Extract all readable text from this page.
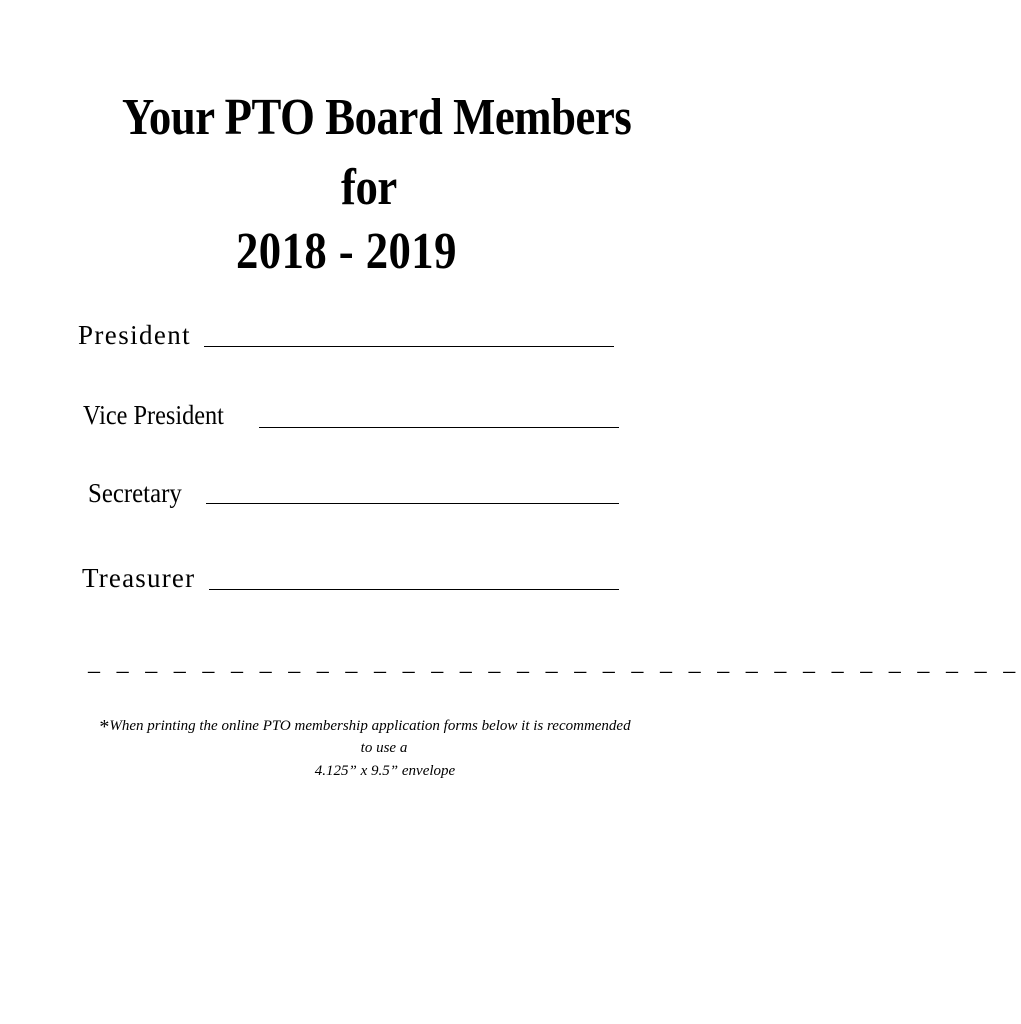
Your PTO Board Members
for
2018 - 2019
President
Vice President
Secretary
Treasurer
_ _ _ _ _ _ _ _ _ _ _ _ _ _ _ _ _ _ _ _ _ _ _ _ _ _ _ _ _ _ _ _ _
*When printing the online PTO membership application forms below it is recommended
to use a
4.125” x 9.5” envelope
